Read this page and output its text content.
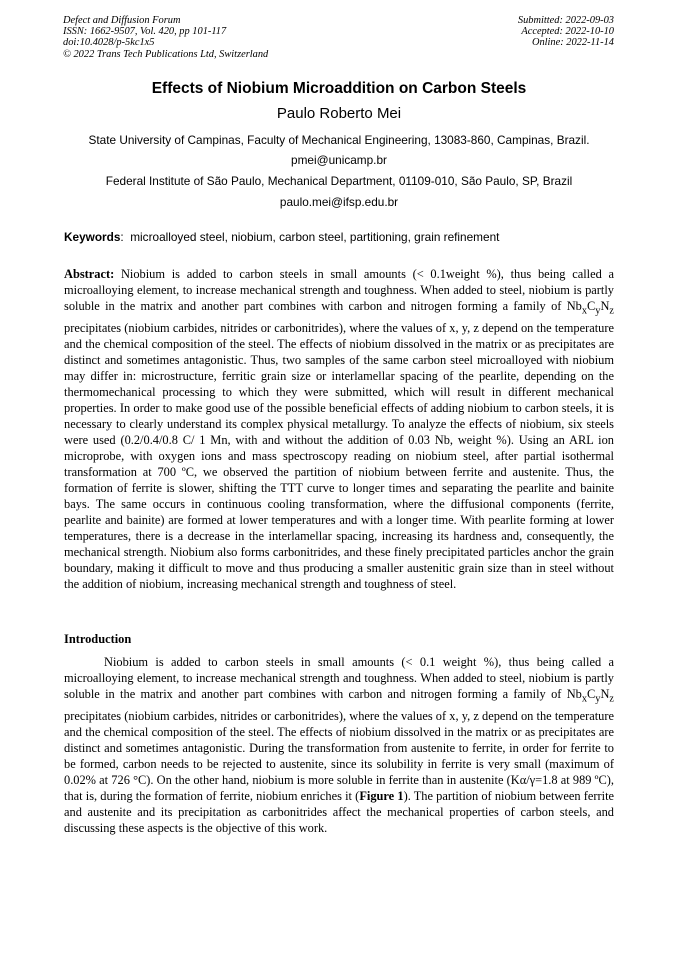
Defect and Diffusion Forum
ISSN: 1662-9507, Vol. 420, pp 101-117
doi:10.4028/p-5kc1x5
© 2022 Trans Tech Publications Ltd, Switzerland
Submitted: 2022-09-03
Accepted: 2022-10-10
Online: 2022-11-14
Effects of Niobium Microaddition on Carbon Steels
Paulo Roberto Mei
State University of Campinas, Faculty of Mechanical Engineering, 13083-860, Campinas, Brazil.
pmei@unicamp.br
Federal Institute of São Paulo, Mechanical Department, 01109-010, São Paulo, SP, Brazil
paulo.mei@ifsp.edu.br
Keywords:  microalloyed steel, niobium, carbon steel, partitioning, grain refinement
Abstract: Niobium is added to carbon steels in small amounts (< 0.1weight %), thus being called a microalloying element, to increase mechanical strength and toughness. When added to steel, niobium is partly soluble in the matrix and another part combines with carbon and nitrogen forming a family of $Nb_xC_yN_z$ precipitates (niobium carbides, nitrides or carbonitrides), where the values of x, y, z depend on the temperature and the chemical composition of the steel. The effects of niobium dissolved in the matrix or as precipitates are distinct and sometimes antagonistic. Thus, two samples of the same carbon steel microalloyed with niobium may differ in: microstructure, ferritic grain size or interlamellar spacing of the pearlite, depending on the thermomechanical processing to which they were submitted, which will result in different mechanical properties. In order to make good use of the possible beneficial effects of adding niobium to carbon steels, it is necessary to clearly understand its complex physical metallurgy. To analyze the effects of niobium, six steels were used (0.2/0.4/0.8 C/ 1 Mn, with and without the addition of 0.03 Nb, weight %). Using an ARL ion microprobe, with oxygen ions and mass spectroscopy reading on niobium steel, after partial isothermal transformation at 700 ºC, we observed the partition of niobium between ferrite and austenite. Thus, the formation of ferrite is slower, shifting the TTT curve to longer times and separating the pearlite and bainite bays. The same occurs in continuous cooling transformation, where the diffusional components (ferrite, pearlite and bainite) are formed at lower temperatures and with a longer time. With pearlite forming at lower temperatures, there is a decrease in the interlamellar spacing, increasing its hardness and, consequently, the mechanical strength. Niobium also forms carbonitrides, and these finely precipitated particles anchor the grain boundary, making it difficult to move and thus producing a smaller austenitic grain size than in steel without the addition of niobium, increasing mechanical strength and toughness of steel.
Introduction
Niobium is added to carbon steels in small amounts (< 0.1 weight %), thus being called a microalloying element, to increase mechanical strength and toughness. When added to steel, niobium is partly soluble in the matrix and another part combines with carbon and nitrogen forming a family of $Nb_xC_yN_z$ precipitates (niobium carbides, nitrides or carbonitrides), where the values of x, y, z depend on the temperature and the chemical composition of the steel. The effects of niobium dissolved in the matrix or as precipitates are distinct and sometimes antagonistic. During the transformation from austenite to ferrite, in order for ferrite to be formed, carbon needs to be rejected to austenite, since its solubility in ferrite is very small (maximum of 0.02% at 726 °C). On the other hand, niobium is more soluble in ferrite than in austenite (Kα/γ=1.8 at 989 ºC), that is, during the formation of ferrite, niobium enriches it (Figure 1). The partition of niobium between ferrite and austenite and its precipitation as carbonitrides affect the mechanical properties of carbon steels, and discussing these aspects is the objective of this work.
